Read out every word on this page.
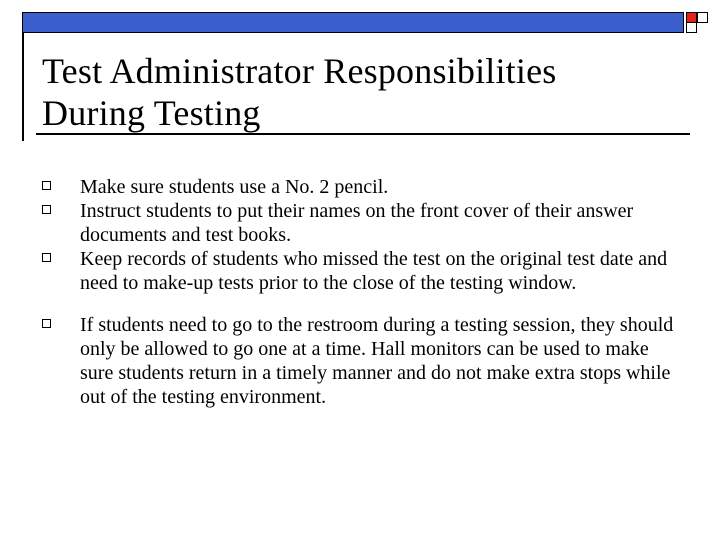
Test Administrator Responsibilities
During Testing
Make sure students use a No. 2 pencil.
Instruct students to put their names on the front cover of their answer documents and test books.
Keep records of students who missed the test on the original test date and need to make-up tests prior to the close of the testing window.
If students need to go to the restroom during a testing session, they should only be allowed to go one at a time. Hall monitors can be used to make sure students return in a timely manner and do not make extra stops while out of the testing environment.
